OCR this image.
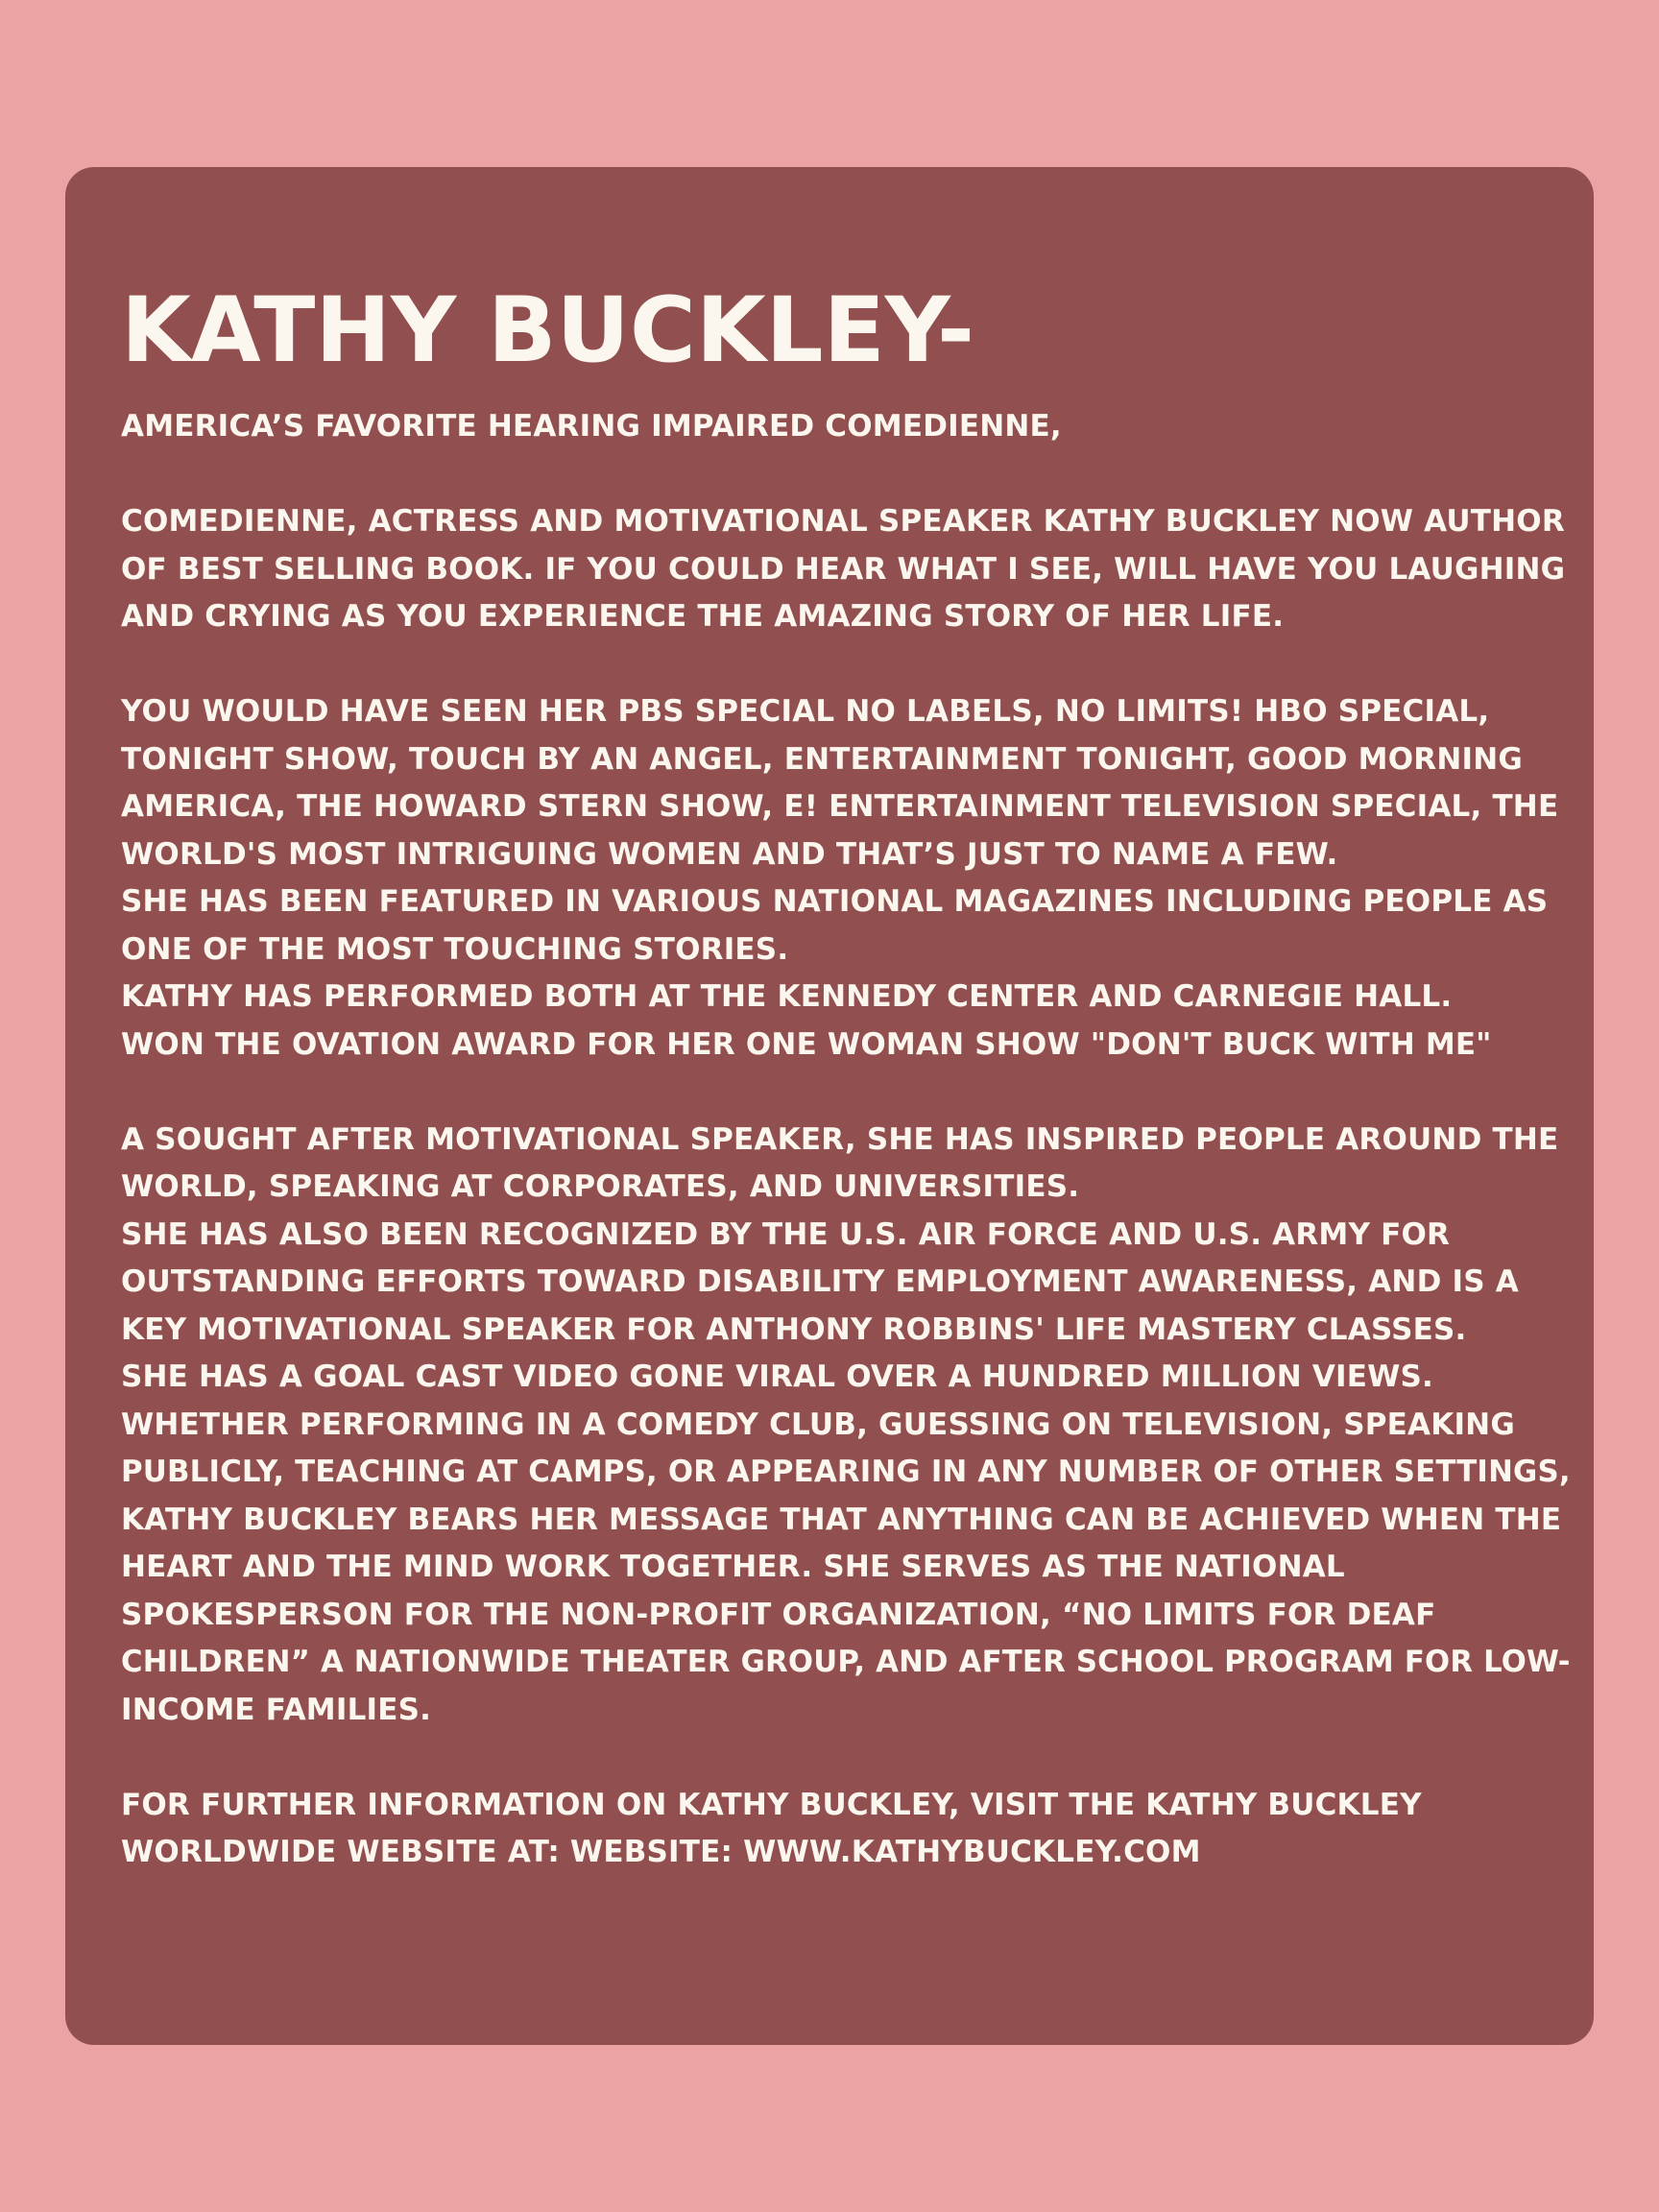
KATHY BUCKLEY-
AMERICA’S FAVORITE HEARING IMPAIRED COMEDIENNE,
COMEDIENNE, ACTRESS AND MOTIVATIONAL SPEAKER KATHY BUCKLEY NOW AUTHOR
OF BEST SELLING BOOK. IF YOU COULD HEAR WHAT I SEE, WILL HAVE YOU LAUGHING
AND CRYING AS YOU EXPERIENCE THE AMAZING STORY OF HER LIFE.
YOU WOULD HAVE SEEN HER PBS SPECIAL NO LABELS, NO LIMITS! HBO SPECIAL,
TONIGHT SHOW, TOUCH BY AN ANGEL, ENTERTAINMENT TONIGHT, GOOD MORNING
AMERICA, THE HOWARD STERN SHOW, E! ENTERTAINMENT TELEVISION SPECIAL, THE
WORLD'S MOST INTRIGUING WOMEN AND THAT’S JUST TO NAME A FEW.
SHE HAS BEEN FEATURED IN VARIOUS NATIONAL MAGAZINES INCLUDING PEOPLE AS
ONE OF THE MOST TOUCHING STORIES.
KATHY HAS PERFORMED BOTH AT THE KENNEDY CENTER AND CARNEGIE HALL.
WON THE OVATION AWARD FOR HER ONE WOMAN SHOW "DON'T BUCK WITH ME"
A SOUGHT AFTER MOTIVATIONAL SPEAKER, SHE HAS INSPIRED PEOPLE AROUND THE
WORLD, SPEAKING AT CORPORATES, AND UNIVERSITIES.
SHE HAS ALSO BEEN RECOGNIZED BY THE U.S. AIR FORCE AND U.S. ARMY FOR
OUTSTANDING EFFORTS TOWARD DISABILITY EMPLOYMENT AWARENESS, AND IS A
KEY MOTIVATIONAL SPEAKER FOR ANTHONY ROBBINS' LIFE MASTERY CLASSES.
SHE HAS A GOAL CAST VIDEO GONE VIRAL OVER A HUNDRED MILLION VIEWS.
WHETHER PERFORMING IN A COMEDY CLUB, GUESSING ON TELEVISION, SPEAKING
PUBLICLY, TEACHING AT CAMPS, OR APPEARING IN ANY NUMBER OF OTHER SETTINGS,
KATHY BUCKLEY BEARS HER MESSAGE THAT ANYTHING CAN BE ACHIEVED WHEN THE
HEART AND THE MIND WORK TOGETHER. SHE SERVES AS THE NATIONAL
SPOKESPERSON FOR THE NON-PROFIT ORGANIZATION, “NO LIMITS FOR DEAF
CHILDREN” A NATIONWIDE THEATER GROUP, AND AFTER SCHOOL PROGRAM FOR LOW-
INCOME FAMILIES.
FOR FURTHER INFORMATION ON KATHY BUCKLEY, VISIT THE KATHY BUCKLEY
WORLDWIDE WEBSITE AT: WEBSITE: WWW.KATHYBUCKLEY.COM
